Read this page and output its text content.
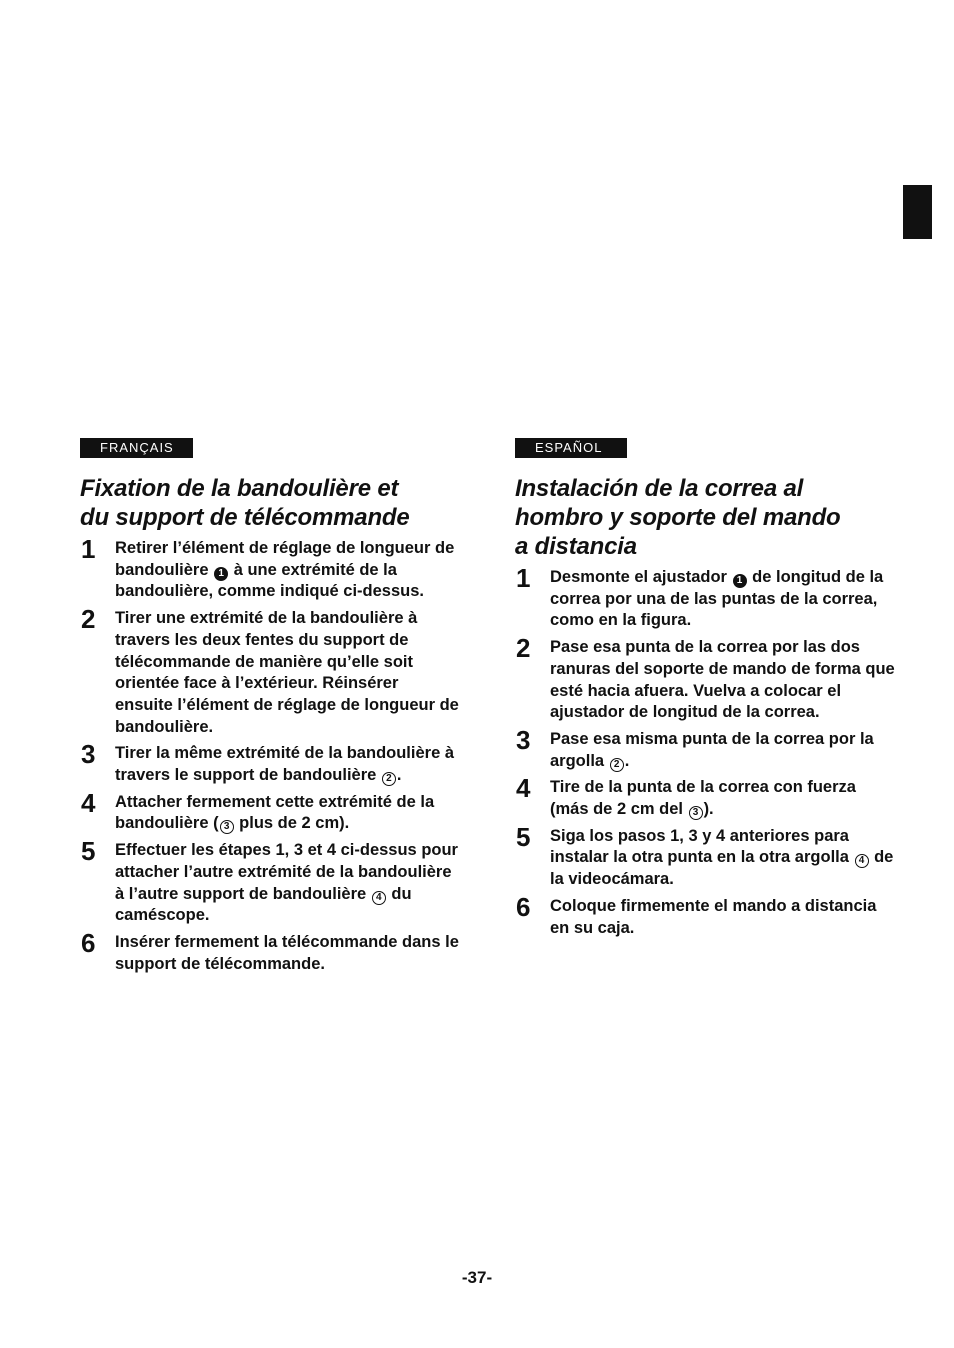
FRANÇAIS
Fixation de la bandoulière et
du support de télécommande
1 Retirer l’élément de réglage de longueur de bandoulière 1 à une extrémité de la bandoulière, comme indiqué ci-dessus.
2 Tirer une extrémité de la bandoulière à travers les deux fentes du support de télécommande de manière qu’elle soit orientée face à l’extérieur. Réinsérer ensuite l’élément de réglage de longueur de bandoulière.
3 Tirer la même extrémité de la bandoulière à travers le support de bandoulière 2 .
4 Attacher fermement cette extrémité de la bandoulière ( 3 plus de 2 cm).
5 Effectuer les étapes 1, 3 et 4 ci-dessus pour attacher l’autre extrémité de la bandoulière à l’autre support de bandoulière 4 du caméscope.
6 Insérer fermement la télécommande dans le support de télécommande.
ESPAÑOL
Instalación de la correa al
hombro y soporte del mando
a distancia
1 Desmonte el ajustador 1 de longitud de la correa por una de las puntas de la correa, como en la figura.
2 Pase esa punta de la correa por las dos ranuras del soporte de mando de forma que esté hacia afuera. Vuelva a colocar el ajustador de longitud de la correa.
3 Pase esa misma punta de la correa por la argolla 2 .
4 Tire de la punta de la correa con fuerza (más de 2 cm del 3 ).
5 Siga los pasos 1, 3 y 4 anteriores para instalar la otra punta en la otra argolla 4 de la videocámara.
6 Coloque firmemente el mando a distancia en su caja.
-37-
